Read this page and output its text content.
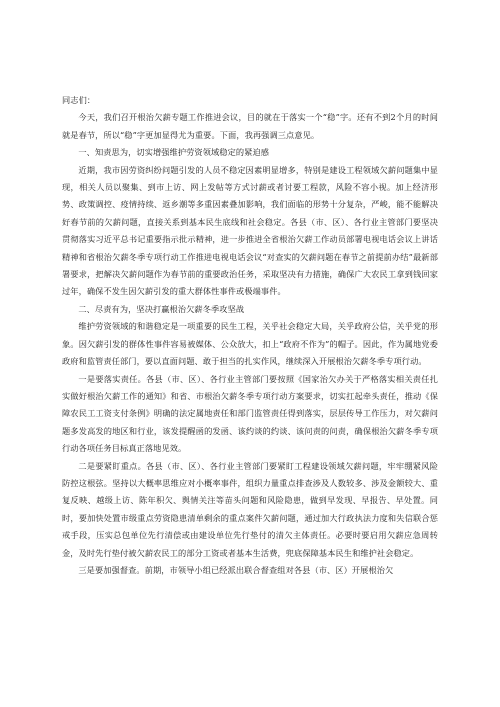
同志们：

今天，我们召开根治欠薪专题工作推进会议，目的就在于落实一个“稳”字。还有不到2个月的时间就是春节，所以“稳”字更加显得尤为重要。下面，我再强调三点意见。

一、知责思为，切实增强维护劳资领域稳定的紧迫感

近期，我市因劳资纠纷问题引发的人员不稳定因素明显增多，特别是建设工程领域欠薪问题集中显现，相关人员以聚集、到市上访、网上发帖等方式讨薪或者讨要工程款，风险不容小视。加上经济形势、政策调控、疫情持续、返乡潮等多重因素叠加影响，我们面临的形势十分复杂，严峻，能不能解决好春节前的欠薪问题，直接关系到基本民生底线和社会稳定。各县（市、区）、各行业主管部门要坚决贯彻落实习近平总书记重要指示批示精神，进一步推进全省根治欠薪工作动员部署电视电话会议上讲话精神和省根治欠薪冬季专项行动工作推进电视电话会议“对查实的欠薪问题在春节之前提前办结”最新部署要求，把解决欠薪问题作为春节前的重要政治任务，采取坚决有力措施，确保广大农民工拿到钱回家过年，确保不发生因欠薪引发的重大群体性事件或极端事件。

二、尽责有为，坚决打赢根治欠薪冬季攻坚战

维护劳资领域的和谐稳定是一项重要的民生工程，关乎社会稳定大局，关乎政府公信，关乎党的形象。因欠薪引发的群体性事件容易被媒体、公众放大，扣上“政府不作为”的帽子。因此，作为属地党委政府和监管责任部门，要以直面问题、敢于担当的扎实作风，继续深入开展根治欠薪冬季专项行动。

一是要落实责任。各县（市、区）、各行业主管部门要按照《国家治欠办关于严格落实相关责任扎实做好根治欠薪工作的通知》和省、市根治欠薪冬季专项行动方案要求，切实扛起牵头责任，推动《保障农民工工资支付条例》明确的法定属地责任和部门监管责任得到落实，层层传导工作压力，对欠薪问题多发高发的地区和行业，该发提醒函的发函、该约谈的约谈、该问责的问责，确保根治欠薪冬季专项行动各项任务目标真正落地见效。

二是要紧盯重点。各县（市、区）、各行业主管部门要紧盯工程建设领域欠薪问题，牢牢绷紧风险防控这根弦。坚持以大概率思维应对小概率事件，组织力量重点排查涉及人数较多、涉及金额较大、重复反映、越级上访、陈年积欠、舆情关注等苗头问题和风险隐患，做到早发现、早报告、早处置。同时，要加快处置市级重点劳资隐患清单剩余的重点案件欠薪问题，通过加大行政执法力度和失信联合惩戒手段，压实总包单位先行清偿或由建设单位先行垫付的清欠主体责任。必要时要启用欠薪应急周转金，及时先行垫付被欠薪农民工的部分工资或者基本生活费，兜底保障基本民生和维护社会稳定。

三是要加强督查。前期，市领导小组已经派出联合督查组对各县（市、区）开展根治欠
